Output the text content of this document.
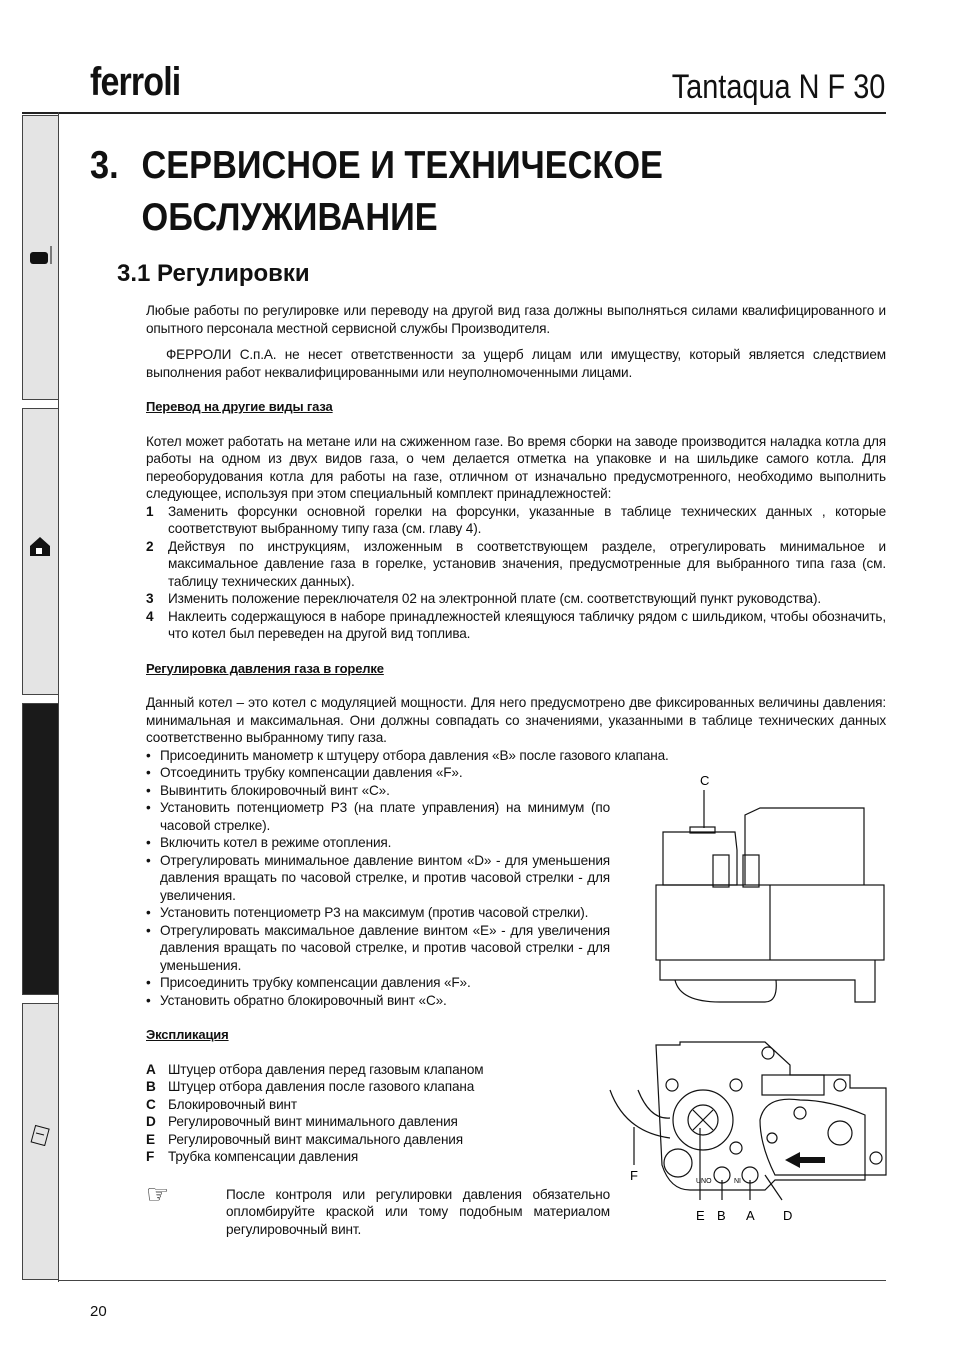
ferroli	Tantaqua N F 30
3. СЕРВИСНОЕ И ТЕХНИЧЕСКОЕ ОБСЛУЖИВАНИЕ
3.1 Регулировки

Любые работы по регулировке или переводу на другой вид газа должны выполняться силами квалифицированного и опытного персонала местной сервисной службы Производителя.

ФЕРРОЛИ С.п.А. не несет ответственности за ущерб лицам или имуществу, который является следствием выполнения работ неквалифицированными или неуполномоченными лицами.

Перевод на другие виды газа

Котел может работать на метане или на сжиженном газе. Во время сборки на заводе производится наладка котла для работы на одном из двух видов газа, о чем делается отметка на упаковке и на шильдике самого котла. Для переоборудования котла для работы на газе, отличном от изначально предусмотренного, необходимо выполнить следующее, используя при этом специальный комплект принадлежностей:

1	Заменить форсунки основной горелки на форсунки, указанные в таблице технических данных , которые соответствуют выбранному типу газа (см. главу 4).

2	Действуя по инструкциям, изложенным в соответствующем разделе, отрегулировать минимальное и максимальное давление газа в горелке, установив значения, предусмотренные для выбранного типа газа (см. таблицу технических данных).

3	Изменить положение переключателя 02 на электронной плате (см. соответствующий пункт руководства).

4	Наклеить содержащуюся в наборе принадлежностей клеящуюся табличку рядом с шильдиком, чтобы обозначить, что котел был переведен на другой вид топлива.

Регулировка давления газа в горелке

Данный котел – это котел с модуляцией мощности. Для него предусмотрено две фиксированных величины давления: минимальная и максимальная. Они должны совпадать со значениями, указанными в таблице технических данных соответственно выбранному типу газа.

• Присоединить манометр к штуцеру отбора давления «B» после газового клапана.
• Отсоединить трубку компенсации давления «F».
• Вывинтить блокировочный винт «C».
• Установить потенциометр P3 (на плате управления) на минимум (по часовой стрелке).

• Включить котел в режиме отопления.

• Отрегулировать минимальное давление винтом «D» - для уменьшения давления вращать по часовой стрелке, и против часовой стрелки - для увеличения.

• Установить потенциометр P3 на максимум (против часовой стрелки).

• Отрегулировать максимальное давление винтом «E» - для увеличения давления вращать по часовой стрелке, и против часовой стрелки - для уменьшения.

• Присоединить трубку компенсации давления «F».

• Установить обратно блокировочный винт «C».

Экспликация
A Штуцер отбора давления перед газовым клапаном
B Штуцер отбора давления после газового клапана
C Блокировочный винт
D Регулировочный винт минимального давления
E Регулировочный винт максимального давления
F	Трубка компенсации давления
☞	После контроля или регулировки давления обязательно опломбируйте краской или тому подобным материалом регулировочный винт.

C
F
E B A D
UNO	NI
20
